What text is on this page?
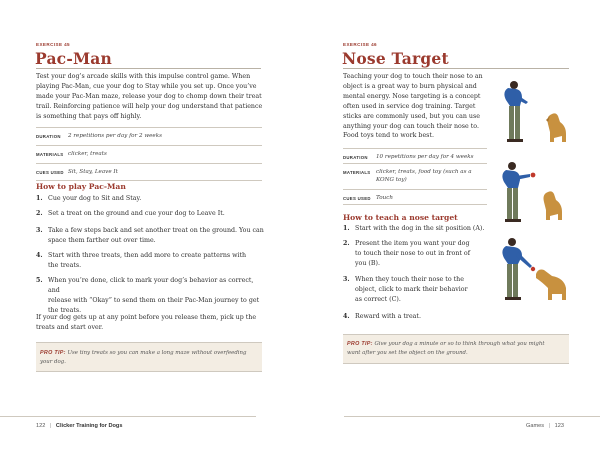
EXERCISE 45
Pac-Man
Test your dog’s arcade skills with this impulse control game. When
playing Pac-Man, cue your dog to Stay while you set up. Once you’ve
made your Pac-Man maze, release your dog to chomp down their treat
trail. Reinforcing patience will help your dog understand that patience
is something that pays off highly.
DURATION 2 repetitions per day for 2 weeks
MATERIALS clicker, treats
CUES USED Sit, Stay, Leave It
How to play Pac-Man
1. Cue your dog to Sit and Stay.
2. Set a treat on the ground and cue your dog to Leave It.
3. Take a few steps back and set another treat on the ground. You can
space them farther out over time.
4. Start with three treats, then add more to create patterns with
the treats.
5. When you’re done, click to mark your dog’s behavior as correct, and
release with “Okay” to send them on their Pac-Man journey to get
the treats.
If your dog gets up at any point before you release them, pick up the
treats and start over.
PRO TIP: Use tiny treats so you can make a long maze without overfeeding
your dog.
122 | Clicker Training for Dogs
EXERCISE 46
Nose Target
Teaching your dog to touch their nose to an
object is a great way to burn physical and
mental energy. Nose targeting is a concept
often used in service dog training. Target
sticks are commonly used, but you can use
anything your dog can touch their nose to.
Food toys tend to work best.
DURATION 10 repetitions per day for 4 weeks
MATERIALS clicker, treats, food toy (such as a
KONG toy)
CUES USED Touch
How to teach a nose target
1. Start with the dog in the sit position (A).
2. Present the item you want your dog
to touch their nose to out in front of
you (B).
3. When they touch their nose to the
object, click to mark their behavior
as correct (C).
4. Reward with a treat.
PRO TIP: Give your dog a minute or so to think through what you might
want after you set the object on the ground.
Games | 123
